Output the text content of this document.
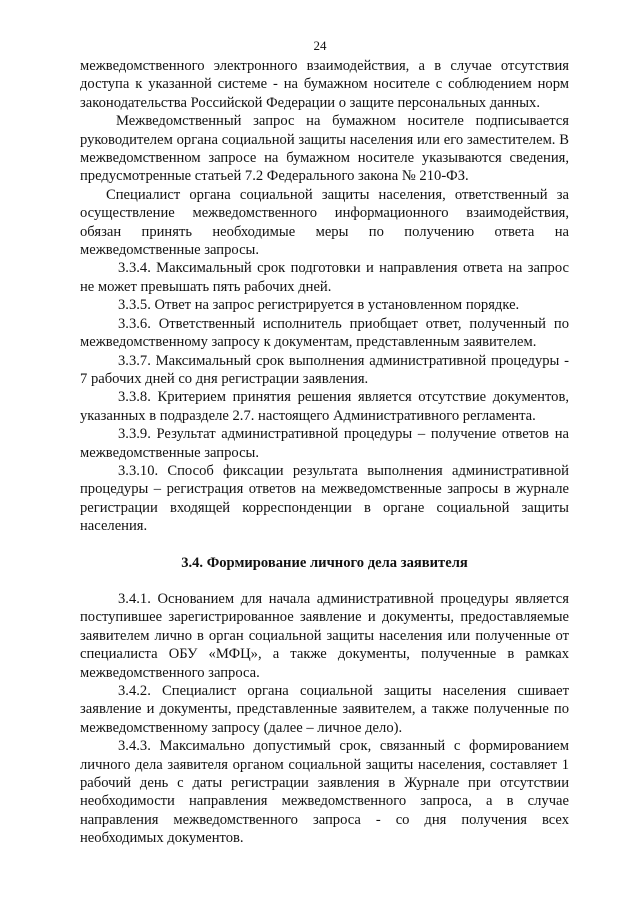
24

межведомственного электронного взаимодействия, а в случае отсутствия доступа к указанной системе - на бумажном носителе с соблюдением норм законодательства Российской Федерации о защите персональных данных.

Межведомственный запрос на бумажном носителе подписывается руководителем органа социальной защиты населения или его заместителем. В межведомственном запросе на бумажном носителе указываются сведения, предусмотренные статьей 7.2 Федерального закона № 210-ФЗ.

Специалист органа социальной защиты населения, ответственный за осуществление межведомственного информационного взаимодействия, обязан принять необходимые меры по получению ответа на межведомственные запросы.

3.3.4. Максимальный срок подготовки и направления ответа на запрос не может превышать пять рабочих дней.

3.3.5. Ответ на запрос регистрируется в установленном порядке.

3.3.6. Ответственный исполнитель приобщает ответ, полученный по межведомственному запросу к документам, представленным заявителем.

3.3.7. Максимальный срок выполнения административной процедуры - 7 рабочих дней со дня регистрации заявления.

3.3.8. Критерием принятия решения является отсутствие документов, указанных в подразделе 2.7. настоящего Административного регламента.

3.3.9. Результат административной процедуры – получение ответов на межведомственные запросы.

3.3.10. Способ фиксации результата выполнения административной процедуры – регистрация ответов на межведомственные запросы в журнале регистрации входящей корреспонденции в органе социальной защиты населения.

3.4. Формирование личного дела заявителя

3.4.1. Основанием для начала административной процедуры является поступившее зарегистрированное заявление и документы, предоставляемые заявителем лично в орган социальной защиты населения или полученные от специалиста ОБУ «МФЦ», а также документы, полученные в рамках межведомственного запроса.

3.4.2. Специалист органа социальной защиты населения сшивает заявление и документы, представленные заявителем, а также полученные по межведомственному запросу (далее – личное дело).

3.4.3. Максимально допустимый срок, связанный с формированием личного дела заявителя органом социальной защиты населения, составляет 1 рабочий день с даты регистрации заявления в Журнале при отсутствии необходимости направления межведомственного запроса, а в случае направления межведомственного запроса - со дня получения всех необходимых документов.
